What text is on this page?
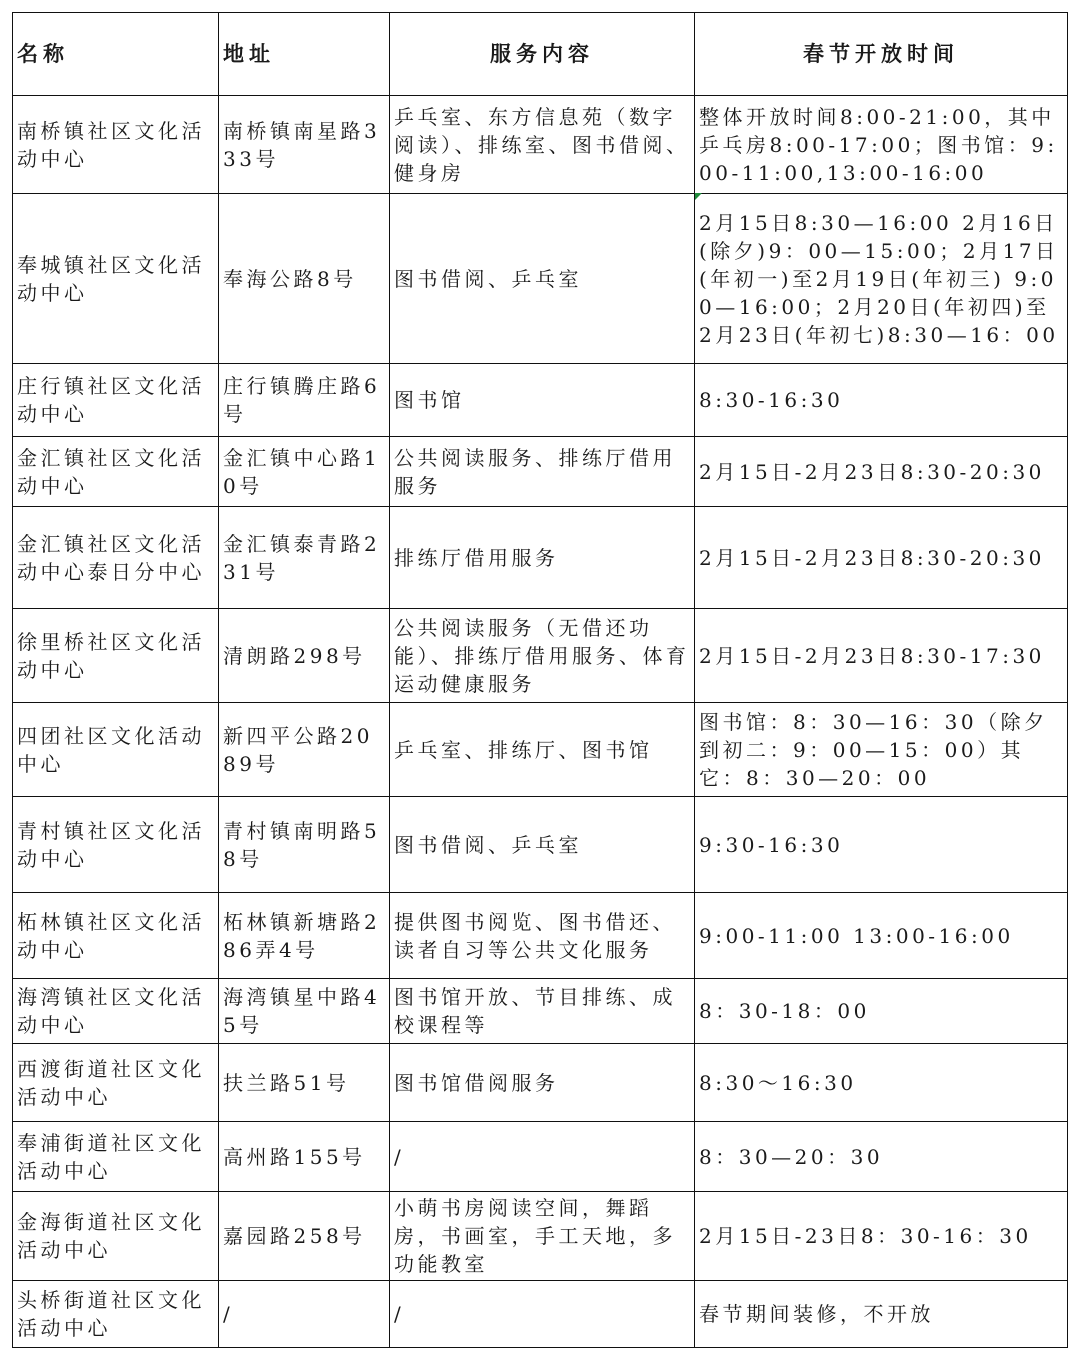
名称	地址	服务内容	春节开放时间
南桥镇社区文化活动中心	南桥镇南星路333号	乒乓室、东方信息苑（数字阅读）、排练室、图书借阅、健身房	整体开放时间8:00-21:00，其中乒乓房8:00-17:00；图书馆：9:00-11:00,13:00-16:00
奉城镇社区文化活动中心	奉海公路8号	图书借阅、乒乓室	2月15日8:30—16:00 2月16日(除夕)9：00—15:00；2月17日(年初一)至2月19日(年初三) 9:00—16:00；2月20日(年初四)至2月23日(年初七)8:30—16：00
庄行镇社区文化活动中心	庄行镇腾庄路6号	图书馆	8:30-16:30
金汇镇社区文化活动中心	金汇镇中心路10号	公共阅读服务、排练厅借用服务	2月15日-2月23日8:30-20:30
金汇镇社区文化活动中心泰日分中心	金汇镇泰青路231号	排练厅借用服务	2月15日-2月23日8:30-20:30
徐里桥社区文化活动中心	清朗路298号	公共阅读服务（无借还功能）、排练厅借用服务、体育运动健康服务	2月15日-2月23日8:30-17:30
四团社区文化活动中心	新四平公路2089号	乒乓室、排练厅、图书馆	图书馆：8：30—16：30（除夕到初二：9：00—15：00）其它：8：30—20：00
青村镇社区文化活动中心	青村镇南明路58号	图书借阅、乒乓室	9:30-16:30
柘林镇社区文化活动中心	柘林镇新塘路286弄4号	提供图书阅览、图书借还、读者自习等公共文化服务	9:00-11:00 13:00-16:00
海湾镇社区文化活动中心	海湾镇星中路45号	图书馆开放、节目排练、成校课程等	8：30-18：00
西渡街道社区文化活动中心	扶兰路51号	图书馆借阅服务	8:30～16:30
奉浦街道社区文化活动中心	高州路155号	/	8：30—20：30
金海街道社区文化活动中心	嘉园路258号	小萌书房阅读空间，舞蹈房，书画室，手工天地，多功能教室	2月15日-23日8：30-16：30
头桥街道社区文化活动中心	/	/	春节期间装修，不开放
